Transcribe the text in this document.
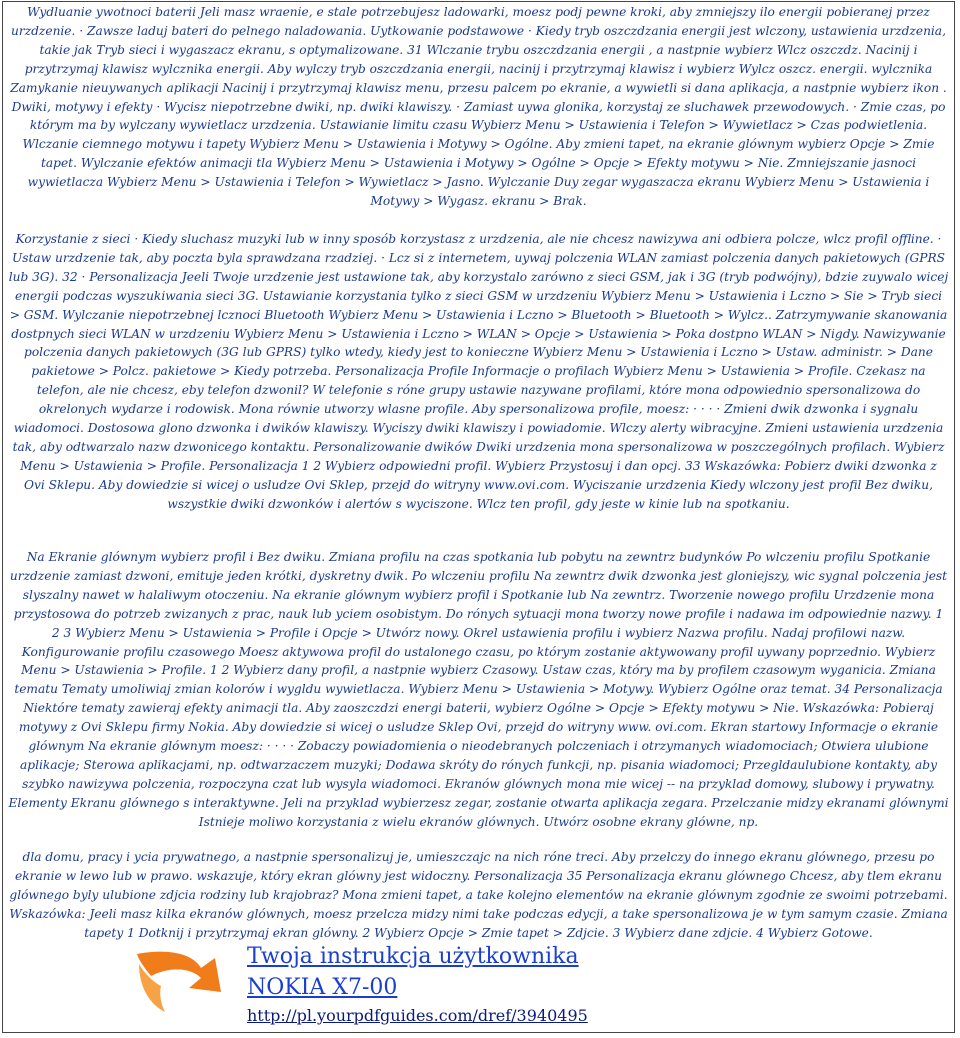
Wydluanie ywotnoci baterii Jeli masz wraenie, e stale potrzebujesz ladowarki, moesz podj pewne kroki, aby zmniejszy ilo energii pobieranej przez urzdzenie. · Zawsze laduj bateri do pelnego naladowania. Uytkowanie podstawowe · Kiedy tryb oszczdzania energii jest wlczony, ustawienia urzdzenia, takie jak Tryb sieci i wygaszacz ekranu, s optymalizowane. 31 Wlczanie trybu oszczdzania energii , a nastpnie wybierz Wlcz oszczdz. Nacinij i przytrzymaj klawisz wylcznika energii. Aby wylczy tryb oszczdzania energii, nacinij i przytrzymaj klawisz i wybierz Wylcz oszcz. energii. wylcznika Zamykanie nieuywanych aplikacji Nacinij i przytrzymaj klawisz menu, przesu palcem po ekranie, a wywietli si dana aplikacja, a nastpnie wybierz ikon . Dwiki, motywy i efekty · Wycisz niepotrzebne dwiki, np. dwiki klawiszy. · Zamiast uywa glonika, korzystaj ze sluchawek przewodowych. · Zmie czas, po którym ma by wylczany wywietlacz urzdzenia. Ustawianie limitu czasu Wybierz Menu > Ustawienia i Telefon > Wywietlacz > Czas podwietlenia. Wlczanie ciemnego motywu i tapety Wybierz Menu > Ustawienia i Motywy > Ogólne. Aby zmieni tapet, na ekranie glównym wybierz Opcje > Zmie tapet. Wylczanie efektów animacji tla Wybierz Menu > Ustawienia i Motywy > Ogólne > Opcje > Efekty motywu > Nie. Zmniejszanie jasnoci wywietlacza Wybierz Menu > Ustawienia i Telefon > Wywietlacz > Jasno. Wylczanie Duy zegar wygaszacza ekranu Wybierz Menu > Ustawienia i Motywy > Wygasz. ekranu > Brak.

Korzystanie z sieci · Kiedy sluchasz muzyki lub w inny sposób korzystasz z urzdzenia, ale nie chcesz nawizywa ani odbiera polcze, wlcz profil offline. · Ustaw urzdzenie tak, aby poczta byla sprawdzana rzadziej. · Lcz si z internetem, uywaj polczenia WLAN zamiast polczenia danych pakietowych (GPRS lub 3G). 32 · Personalizacja Jeeli Twoje urzdzenie jest ustawione tak, aby korzystalo zarówno z sieci GSM, jak i 3G (tryb podwójny), bdzie zuywalo wicej energii podczas wyszukiwania sieci 3G. Ustawianie korzystania tylko z sieci GSM w urzdzeniu Wybierz Menu > Ustawienia i Lczno > Sie > Tryb sieci > GSM. Wylczanie niepotrzebnej lcznoci Bluetooth Wybierz Menu > Ustawienia i Lczno > Bluetooth > Bluetooth > Wylcz.. Zatrzymywanie skanowania dostpnych sieci WLAN w urzdzeniu Wybierz Menu > Ustawienia i Lczno > WLAN > Opcje > Ustawienia > Poka dostpno WLAN > Nigdy. Nawizywanie polczenia danych pakietowych (3G lub GPRS) tylko wtedy, kiedy jest to konieczne Wybierz Menu > Ustawienia i Lczno > Ustaw. administr. > Dane pakietowe > Polcz. pakietowe > Kiedy potrzeba. Personalizacja Profile Informacje o profilach Wybierz Menu > Ustawienia > Profile. Czekasz na telefon, ale nie chcesz, eby telefon dzwonil? W telefonie s róne grupy ustawie nazywane profilami, które mona odpowiednio spersonalizowa do okrelonych wydarze i rodowisk. Mona równie utworzy wlasne profile. Aby spersonalizowa profile, moesz: · · · · Zmieni dwik dzwonka i sygnalu wiadomoci. Dostosowa glono dzwonka i dwików klawiszy. Wyciszy dwiki klawiszy i powiadomie. Wlczy alerty wibracyjne. Zmieni ustawienia urzdzenia tak, aby odtwarzalo nazw dzwonicego kontaktu. Personalizowanie dwików Dwiki urzdzenia mona spersonalizowa w poszczególnych profilach. Wybierz Menu > Ustawienia > Profile. Personalizacja 1 2 Wybierz odpowiedni profil. Wybierz Przystosuj i dan opcj. 33 Wskazówka: Pobierz dwiki dzwonka z Ovi Sklepu. Aby dowiedzie si wicej o usludze Ovi Sklep, przejd do witryny www.ovi.com. Wyciszanie urzdzenia Kiedy wlczony jest profil Bez dwiku, wszystkie dwiki dzwonków i alertów s wyciszone. Wlcz ten profil, gdy jeste w kinie lub na spotkaniu.

Na Ekranie glównym wybierz profil i Bez dwiku. Zmiana profilu na czas spotkania lub pobytu na zewntrz budynków Po wlczeniu profilu Spotkanie urzdzenie zamiast dzwoni, emituje jeden krótki, dyskretny dwik. Po wlczeniu profilu Na zewntrz dwik dzwonka jest gloniejszy, wic sygnal polczenia jest slyszalny nawet w halaliwym otoczeniu. Na ekranie glównym wybierz profil i Spotkanie lub Na zewntrz. Tworzenie nowego profilu Urzdzenie mona przystosowa do potrzeb zwizanych z prac, nauk lub yciem osobistym. Do rónych sytuacji mona tworzy nowe profile i nadawa im odpowiednie nazwy. 1 2 3 Wybierz Menu > Ustawienia > Profile i Opcje > Utwórz nowy. Okrel ustawienia profilu i wybierz Nazwa profilu. Nadaj profilowi nazw. Konfigurowanie profilu czasowego Moesz aktywowa profil do ustalonego czasu, po którym zostanie aktywowany profil uywany poprzednio. Wybierz Menu > Ustawienia > Profile. 1 2 Wybierz dany profil, a nastpnie wybierz Czasowy. Ustaw czas, który ma by profilem czasowym wyganicia. Zmiana tematu Tematy umoliwiaj zmian kolorów i wygldu wywietlacza. Wybierz Menu > Ustawienia > Motywy. Wybierz Ogólne oraz temat. 34 Personalizacja Niektóre tematy zawieraj efekty animacji tla. Aby zaoszczdzi energi baterii, wybierz Ogólne > Opcje > Efekty motywu > Nie. Wskazówka: Pobieraj motywy z Ovi Sklepu firmy Nokia. Aby dowiedzie si wicej o usludze Sklep Ovi, przejd do witryny www. ovi.com. Ekran startowy Informacje o ekranie glównym Na ekranie glównym moesz: · · · · Zobaczy powiadomienia o nieodebranych polczeniach i otrzymanych wiadomociach; Otwiera ulubione aplikacje; Sterowa aplikacjami, np. odtwarzaczem muzyki; Dodawa skróty do rónych funkcji, np. pisania wiadomoci; Przegldaulubione kontakty, aby szybko nawizywa polczenia, rozpoczyna czat lub wysyla wiadomoci. Ekranów glównych mona mie wicej -- na przyklad domowy, slubowy i prywatny. Elementy Ekranu glównego s interaktywne. Jeli na przyklad wybierzesz zegar, zostanie otwarta aplikacja zegara. Przelczanie midzy ekranami glównymi Istnieje moliwo korzystania z wielu ekranów glównych. Utwórz osobne ekrany glówne, np.

dla domu, pracy i ycia prywatnego, a nastpnie spersonalizuj je, umieszczajc na nich róne treci. Aby przelczy do innego ekranu glównego, przesu po ekranie w lewo lub w prawo. wskazuje, który ekran glówny jest widoczny. Personalizacja 35 Personalizacja ekranu glównego Chcesz, aby tlem ekranu glównego byly ulubione zdjcia rodziny lub krajobraz? Mona zmieni tapet, a take kolejno elementów na ekranie glównym zgodnie ze swoimi potrzebami. Wskazówka: Jeeli masz kilka ekranów glównych, moesz przelcza midzy nimi take podczas edycji, a take spersonalizowa je w tym samym czasie. Zmiana tapety 1 Dotknij i przytrzymaj ekran glówny. 2 Wybierz Opcje > Zmie tapet > Zdjcie. 3 Wybierz dane zdjcie. 4 Wybierz Gotowe.

Twoja instrukcja użytkownika

NOKIA X7-00

http://pl.yourpdfguides.com/dref/3940495
